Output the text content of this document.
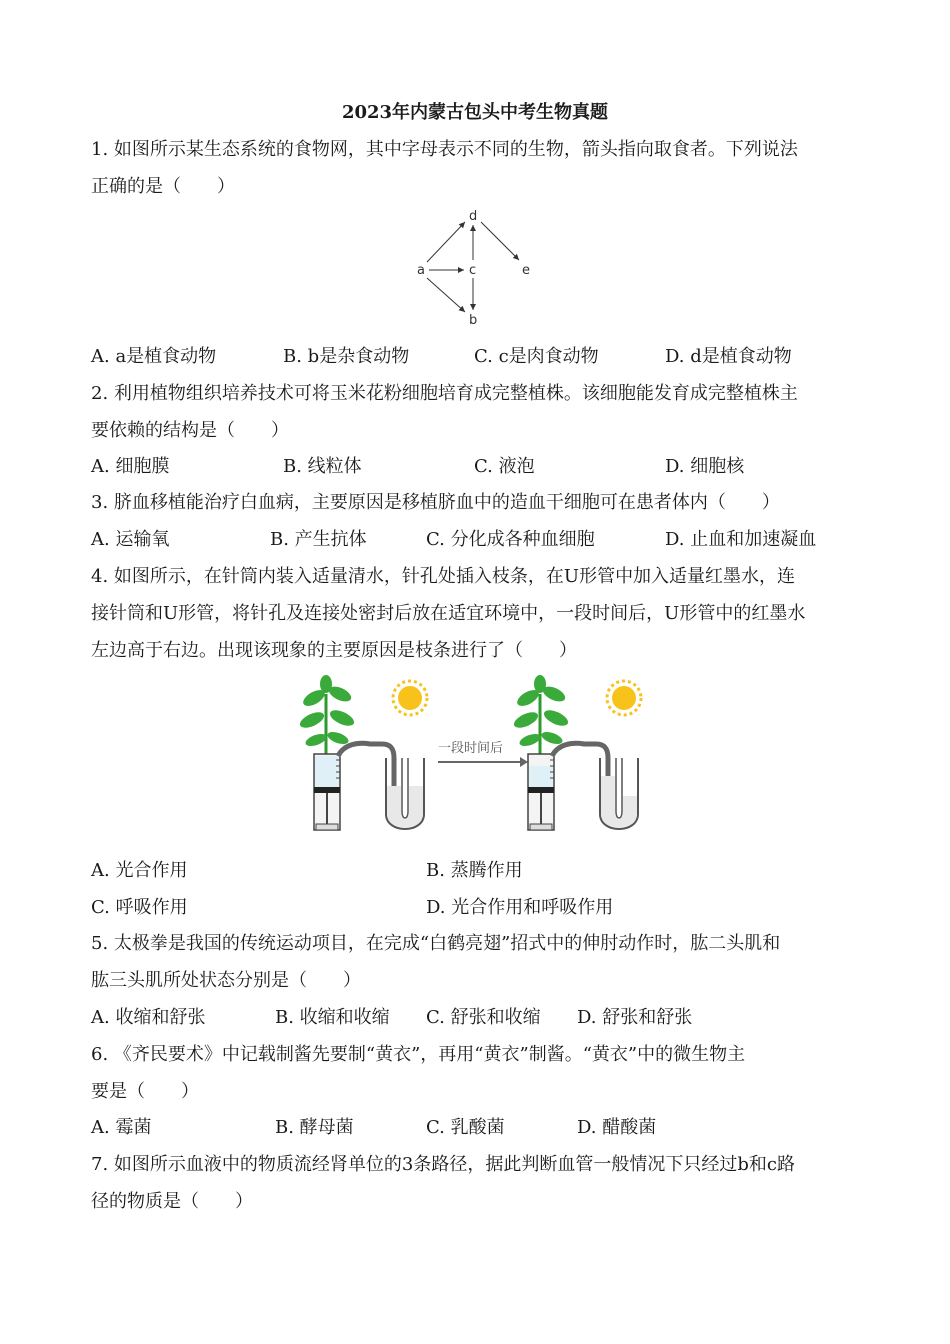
2023年内蒙古包头中考生物真题
1. 如图所示某生态系统的食物网，其中字母表示不同的生物，箭头指向取食者。下列说法
正确的是（　　）
d
a	c	e
b
A. a是植食动物	B. b是杂食动物	C. c是肉食动物	D. d是植食动物
2. 利用植物组织培养技术可将玉米花粉细胞培育成完整植株。该细胞能发育成完整植株主
要依赖的结构是（　　）
A. 细胞膜	B. 线粒体	C. 液泡	D. 细胞核
3. 脐血移植能治疗白血病，主要原因是移植脐血中的造血干细胞可在患者体内（　　）
A. 运输氧	B. 产生抗体	C. 分化成各种血细胞	D. 止血和加速凝血
4. 如图所示，在针筒内装入适量清水，针孔处插入枝条，在U形管中加入适量红墨水，连
接针筒和U形管，将针孔及连接处密封后放在适宜环境中，一段时间后，U形管中的红墨水
左边高于右边。出现该现象的主要原因是枝条进行了（　　）
一段时间后
A. 光合作用	B. 蒸腾作用
C. 呼吸作用	D. 光合作用和呼吸作用
5. 太极拳是我国的传统运动项目，在完成“白鹤亮翅”招式中的伸肘动作时，肱二头肌和
肱三头肌所处状态分别是（　　）
A. 收缩和舒张	B. 收缩和收缩 C. 舒张和收缩 D. 舒张和舒张
6. 《齐民要术》中记载制酱先要制“黄衣”，再用“黄衣”制酱。“黄衣”中的微生物主
要是（　　）
A. 霉菌	B. 酵母菌	C. 乳酸菌	D. 醋酸菌
7. 如图所示血液中的物质流经肾单位的3条路径，据此判断血管一般情况下只经过b和c路
径的物质是（　　）
